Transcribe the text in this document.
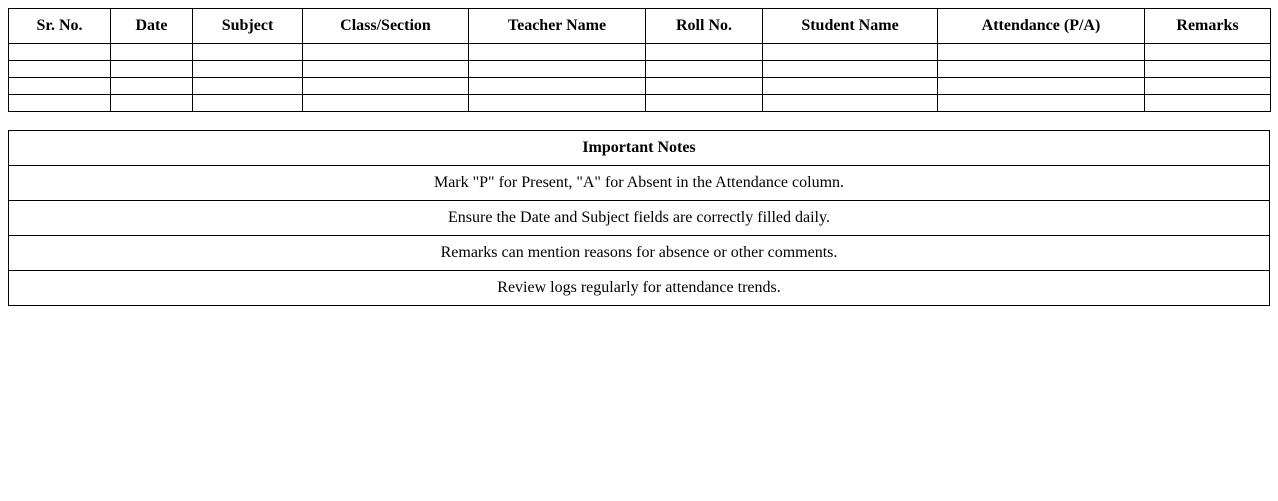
Sr. No.	Date	Subject	Class/Section	Teacher Name	Roll No.	Student Name	Attendance (P/A)	Remarks

Important Notes
Mark "P" for Present, "A" for Absent in the Attendance column.
Ensure the Date and Subject fields are correctly filled daily.
Remarks can mention reasons for absence or other comments.
Review logs regularly for attendance trends.
